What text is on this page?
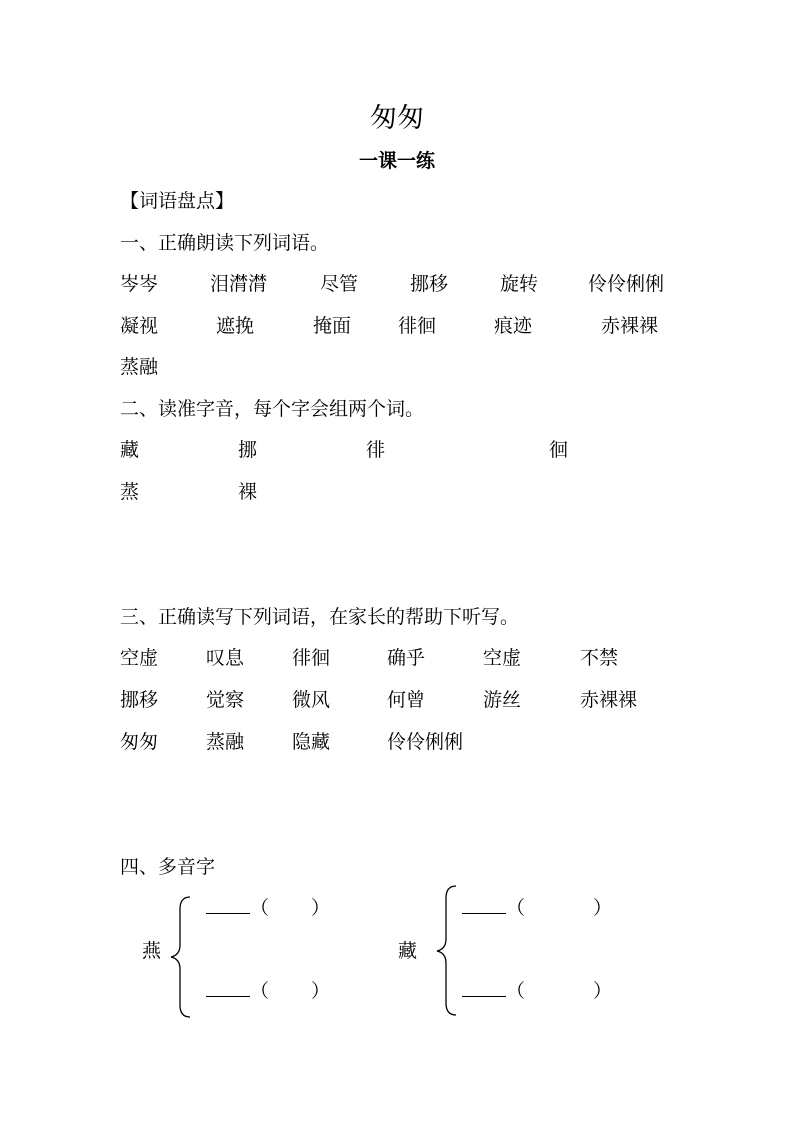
匆匆
一课一练
【词语盘点】
一、正确朗读下列词语。
岑岑	泪潸潸	尽管	挪移	旋转	伶伶俐俐
凝视	遮挽	掩面 徘徊	痕迹	赤裸裸
蒸融
二、读准字音，每个字会组两个词。
藏	挪	徘	徊
蒸	裸
三、正确读写下列词语，在家长的帮助下听写。
空虚	叹息	徘徊	确乎	空虚	不禁
挪移	觉察	微风	何曾	游丝	赤裸裸
匆匆	蒸融	隐藏	伶伶俐俐
四、多音字
燕
（ ）
（ ）
藏
（	）
（	）
